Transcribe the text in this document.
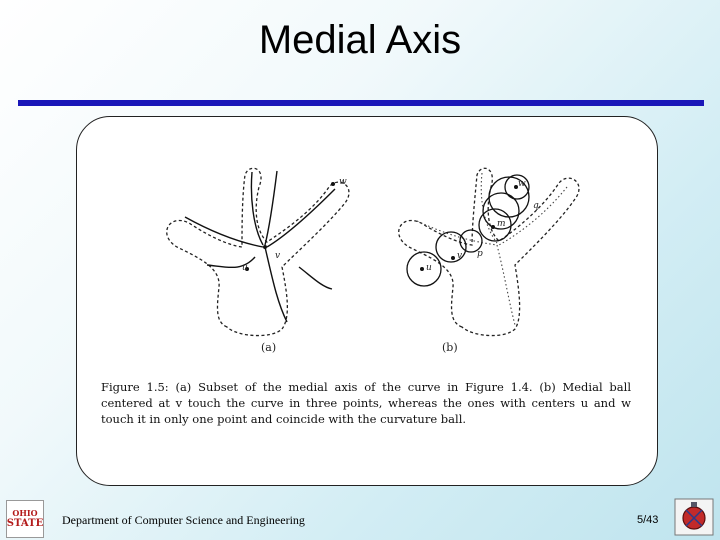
Medial Axis
w
v
u
w
q
m
p
v
u
(a)	(b)
Figure 1.5: (a) Subset of the medial axis of the curve in Figure 1.4. (b) Medial ball centered at v touch the curve in three points, whereas the ones with centers u and w touch it in only one point and coincide with the curvature ball.
OHIO
STATE Department of Computer Science and Engineering	5/43
